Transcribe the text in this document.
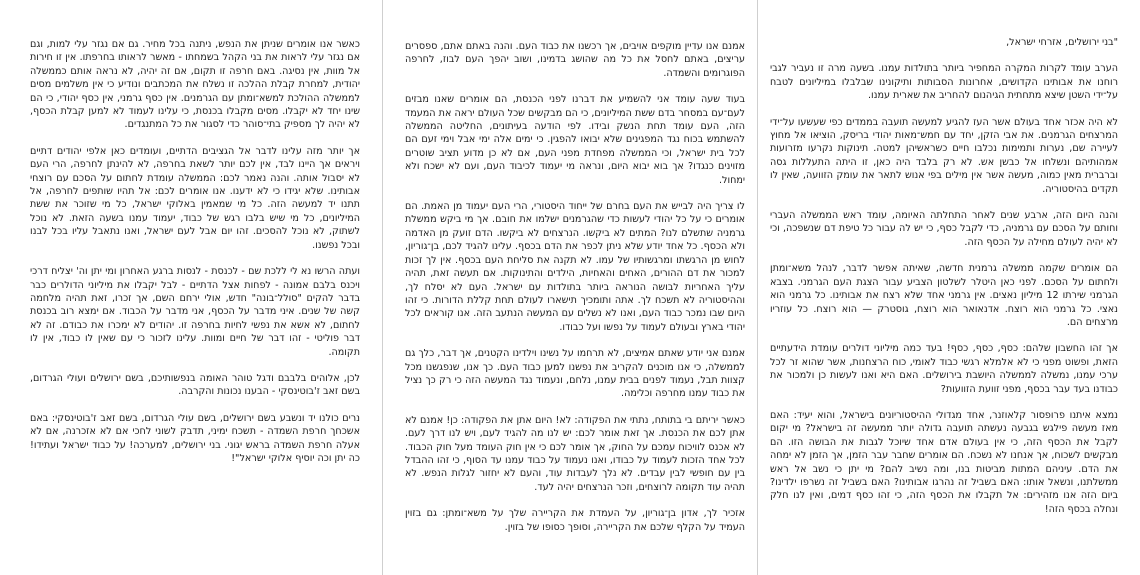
"בני ירושלים, אזרחי ישראל,

הערב עומד לקרות המקרה המחפיר ביותר בתולדות עמנו. בשעה מרה זו נעביר לגבי רוחנו את אבותינו הקדושים, אחרונות הסבותות ותיקונינו שבלבלו במיליונים לטבח על־ידי השטן שיצא מתחתית הגיהנום להחריב את שארית עמנו.

לא היה אכזר אחד בעולם אשר העז להגיע למעשה תועבה בממדים כפי שעשעו על־ידי המרצחים הגרמנים. את אבי הזקן, יחד עם חמש־מאות יהודי בריסק, הוציאו אל מחוץ לעיירה שם, נערות ותמימות נכלבו חיים כשראשיהן למטה. תינוקות נקרעו מזרועות אמהותיהם ונשלחו אל כבשן אש. לא רק בלבד היה כאן, זו היתה התעללות גסה וברברית מאין כמוה, מעשה אשר אין מילים בפי אנוש לתאר את עומק הזוועה, שאין לו תקדים בהיסטוריה.

והנה היום הזה, ארבע שנים לאחר התחלתה האיומה, עומד ראש הממשלה העברי וחותם על הסכם עם גרמניה, כדי לקבל כסף, כי יש לה עבור כל טיפת דם שנשפכה, וכי לא יהיה לעולם מחילה על הכסף הזה.

הם אומרים שקמה ממשלה גרמנית חדשה, שאיתה אפשר לדבר, לנהל משא־ומתן ולחתום על הסכם. לפני כאן היטלר לשלטון הצביע עבור הצגת העם הגרמני. בצבא הגרמני שירתו 12 מיליון נאצים. אין גרמני אחד שלא רצח את אבותינו. כל גרמני הוא נאצי. כל גרמני הוא רוצח. אדנאואר הוא רוצח, גוסטרק — הוא רוצח. כל עוזריו מרצחים הם.

אך זהו החשבון שלהם: כסף, כסף, כסף! בעד כמה מיליוני דולרים עומדת הידעתיים הזאת, ופשוט מפני כי לא אלמלא רגשי כבוד לאומי, כוח הרצחנות, אשר שהוא זר לכל ערכי עמנו, נמשלה לממשלה היושבת בירושלים. האם היא ואנו לעשות כן ולמכור את כבודנו בעד עבר בכסף, מפני זוועת הזוועות?

נמצא איתנו פרופסור קלאוזנר, אחד מגדולי ההיסטוריונים בישראל, והוא יעיד: האם מאז מעשה פילגש בגבעה נעשתה תועבה גדולה יותר ממעשה זה בישראל? מי יקום לקבל את הכסף הזה, כי אין בעולם אדם אחד שיוכל לגבות את הבושה הזו. הם מבקשים לשכוח, אך אנחנו לא נשכח. הם אומרים שחבר עבר הזמן, אך הזמן לא ימחה את הדם. עיניהם המתות מביטות בנו, ומה נשיב להם? מי יתן כי נשב אל ראש ממשלתנו, ונשאל אותו: האם בשביל זה נהרגו אבותינו? האם בשביל זה נשרפו ילדינו? ביום הזה אנו מזהירים: אל תקבלו את הכסף הזה, כי זהו כסף דמים, ואין לנו חלק ונחלה בכסף הזה!

אמנם אנו עדיין מוקפים אויבים, אך רכשנו את כבוד העם. והנה באתם אתם, ספסרים עריצים, באתם לחסל את כל מה שהושג בדמינו, ושוב יהפך העם לבוז, לחרפה הפוגרומים והשמדה.

בעוד שעה עומד אני להשמיע את דברנו לפני הכנסת, הם אומרים שאנו מבזים לעם־עם במסחר בדם ששת המיליונים, כי הם מבקשים שכל העולם יראה את המעמד הזה, העם עומד תחת הנשק ובידו. לפי הודעה בעיתונים, החליטה הממשלה להשתמש בכוח נגד המפגינים שלא יבואו להפגין. כי ימים אלה ימי אבל וימי זעם הם לכל בית ישראל, וכי הממשלה מפחדת מפני העם, אם לא כן מדוע תציב שוטרים מזוינים כנגדו? אך בוא יבוא היום, ונראה מי יעמוד לכיבוד העם, ועם לא ישכח ולא ימחול.

לו צריך היה לבייש את העם בחרם של ייחוד היסטורי, הרי העם יעמוד מן האמת. הם אומרים כי על כל יהודי לעשות כדי שהגרמנים ישלמו את חובם. אך מי ביקש ממשלת גרמניה שתשלם לנו? המתים לא ביקשו. הנרצחים לא ביקשו. הדם זועק מן האדמה ולא הכסף. כל אחד יודע שלא ניתן לכפר את הדם בכסף. עלינו להגיד לכם, בן־גוריון, לחוש מן הרגשתו ומרגשותיו של עמו. לא תקנה את סליחת העם בכסף. אין לך זכות למכור את דם ההורים, האחים והאחיות, הילדים והתינוקות. אם תעשה זאת, תהיה עליך האחריות לבושה הנוראה ביותר בתולדות עם ישראל. העם לא יסלח לך, וההיסטוריה לא תשכח לך. אתה ותומכיך תישארו לעולם תחת קללת הדורות. כי זהו היום שבו נמכר כבוד העם, ואנו לא נשלים עם המעשה הנתעב הזה. אנו קוראים לכל יהודי בארץ ובעולם לעמוד על נפשו ועל כבודו.

אמנם אני יודע שאתם אמיצים, לא תרחמו על נשינו וילדינו הקטנים, אך דבר, כלך גם לממשלה, כי אנו מוכנים להקריב את נפשנו למען כבוד העם. כך אנו, שנפגשנו מכל קצוות תבל, נעמוד לפנים בבית עמנו, נלחם, ונעמוד נגד המעשה הזה כי רק כך נציל את כבוד עמנו מחרפה וכלימה.

כאשר יריתם בי בתותח, נתתי את הפקודה: לא! היום אתן את הפקודה: כן! אמנם לא אתן לכם את הכנסת. אך זאת אומר לכם: יש לנו מה להגיד לעם, ויש לנו דרך לעם. לא אכנס לוויכוח עמכם על החוק, אך אומר לכם כי אין חוק העומד מעל חוק הכבוד. לכל אחד הזכות לעמוד על כבודו, ואנו נעמוד על כבוד עמנו עד הסוף, כי זהו ההבדל בין עם חופשי לבין עבדים. לא נלך לעבדות עוד, והעם לא יחזור לגלות הנפש. לא תהיה עוד תקומה לרוצחים, וזכר הנרצחים יהיה לעד.

אזכיר לך, אדון בן־גוריון, על העמדת את הקריירה שלך על משא־ומתן: גם בזוין העמיד על הקלף שלכם את הקריירה, וסופך כסופו של בזוין.

כאשר אנו אומרים שניתן את הנפש, ניתנה בכל מחיר. גם אם נגזר עלי למות, וגם אם נגזר עלי לראות את בני הקהל בשמחתו - מאשר לראותו בחרפתו. אין זו חירות אל מוות, אין נסיגה. באם חרפה זו תקום, אם זה יהיה, לא נראה אותם כממשלה יהודית, למחרת קבלת ההלכה זו נשלח את המכתבים ונודיע כי אין משלמים מסים לממשלה ההולכת למשא־ומתן עם הגרמנים. אין כסף גרמני, אין כסף יהודי, כי הם שינו יחד לא יקבלו. מסים מקבלו בכנסת, כי עלינו לעמוד לא למען קבלת הכסף, לא יהיה לך מספיק בתי־סוהר כדי לסגור את כל המתנגדים.

אך יותר מזה עלינו לדבר אל הגציבים הדתיים, ועומדים כאן אלפי יהודים דתיים ויראים אך היינו לבד, אין לכם יותר לשאת בחרפה, לא להינתן לחרפה, הרי העם לא יסבול אותה. והנה נאמר לכם: הממשלה עומדת לחתום על הסכם עם רוצחי אבותינו. שלא יגידו כי לא ידענו. אנו אומרים לכם: אל תהיו שותפים לחרפה, אל תתנו יד למעשה הזה. כל מי שמאמין באלוקי ישראל, כל מי שזוכר את ששת המיליונים, כל מי שיש בלבו רגש של כבוד, יעמוד עמנו בשעה הזאת. לא נוכל לשתוק, לא נוכל להסכים. זהו יום אבל לעם ישראל, ואנו נתאבל עליו בכל לבנו ובכל נפשנו.

ועתה הרשו נא לי ללכת שם - לכנסת - לנסות ברגע האחרון ומי יתן וה' יצליח דרכי ויכנס בלבם אמונה - לפחות אצל הדתיים - לבל יקבלו את מיליוני הדולרים כבר בדבר להקים "סולל־בונה" חדש, אולי ירחם השם, אך זכרו, זאת תהיה מלחמה קשה של שנים. איני מדבר על הכסף, אני מדבר על הכבוד. אם ימצא רוב בכנסת לחתום, לא אשא את נפשי לחיות בחרפה זו. יהודים לא ימכרו את כבודם. זה לא דבר פוליטי - זהו דבר של חיים ומוות. עלינו לזכור כי עם שאין לו כבוד, אין לו תקומה.

לכן, אלוהים בלבבם ודגל טוהר האומה בנפשותיכם, בשם ירושלים ועולי הגרדום, בשם זאב ז'בוטינסקי - הבענו נכונות והקרבה.

נרים כולנו יד ונשבע בשם ירושלים, בשם עולי הגרדום, בשם זאב ז'בוטינסקי: באם אשכחך חרפת השמדה - תשכח ימיני, תדבק לשוני לחכי אם לא אזכרנה, אם לא אעלה חרפת השמדה בראש יגוני. בני ירושלים, למערכה! על כבוד ישראל ועתידו! כה יתן וכה יוסיף אלוקי ישראל"!
